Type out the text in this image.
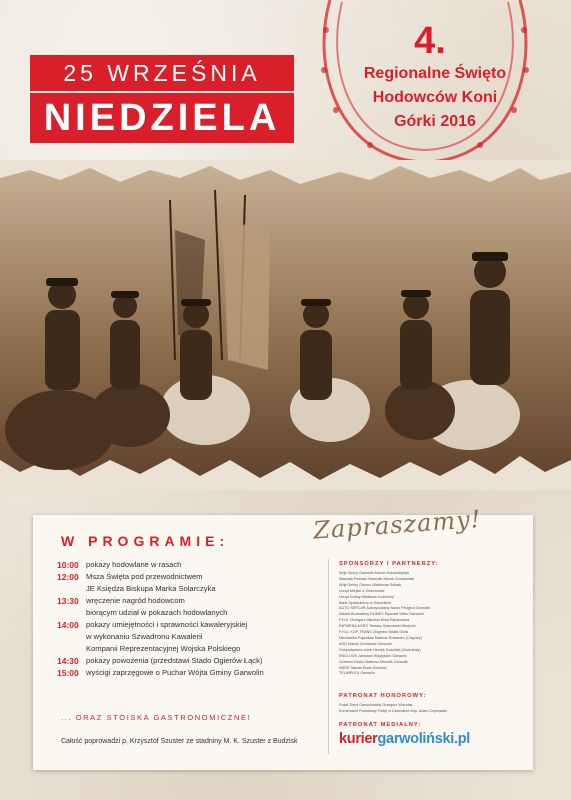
25 WRZEŚNIA
NIEDZIELA
4.
Regionalne Święto
Hodowców Koni
Górki 2016
W PROGRAMIE:	Zapraszamy!
10:00 pokazy hodowlane w rasach
12:00 Msza Święta pod przewodnictwem
JE Księdza Biskupa Marka Solarczyka
13:30 wręczenie nagród hodowcom
biorącym udział w pokazach hodowlanych
14:00 pokazy umiejętności i sprawności kawaleryjskiej
w wykonaniu Szwadronu Kawalerii
Kompanii Reprezentacyjnej Wojska Polskiego
14:30 pokazy powożenia (przedstawi Stado Ogierów Łąck)
15:00 wyścigi zaprzęgowe o Puchar Wójta Gminy Garwolin
... ORAZ STOISKA GASTRONOMICZNE!
Całość poprowadzi p. Krzysztof Szuster ze stadniny M. K. Szuster z Budzisk
SPONSORZY I PARTNERZY:
Wójt Gminy Garwolin Marcin Kołodziejczyk
Starosta Powiatu Garwolin Marek Chciałowski
Wójt Gminy Górzno Waldemar Sobiak
Urząd Miejski w Żelechowie
Urząd Gminy Miastków Kościelny
Bank Spółdzielczy w Garwolinie
AUTO SERCAR Autoryzowany Salon Peugeot Garwolin
Zakład Budowlany DOMEX Ryszard Witko Garwolin
F.H.U. Grzegorz Mikulski Wola Rębkowska
RATMENA AGRO Tomasz Sosnowski Wodynie
F.H.U. KOP-TRANS Zbigniew Malak Górki
Mechanika Pojazdów Mariusz Rosłaniec (Chęciny)
AGD Marcin Domański Garwolin
Gospodarstwo rolne Henryk Sowiński (Gwiżdżały)
ENDLOOK Jarosław Wojdyszko Garwolin
Centrum Druku Mateusz Mołodik Garwolin
NSSE Tatrzań Budo Sokołów
TELIMPLEX Garwolin
PATRONAT HONOROWY:
Poseł Ziemi Garwolińskiej Grzegorz Woźniak
Komendant Powiatowy Policji w Garwolinie insp. Adam Czyżewski
PATRONAT MEDIALNY:
kuriergarwoliński.pl
